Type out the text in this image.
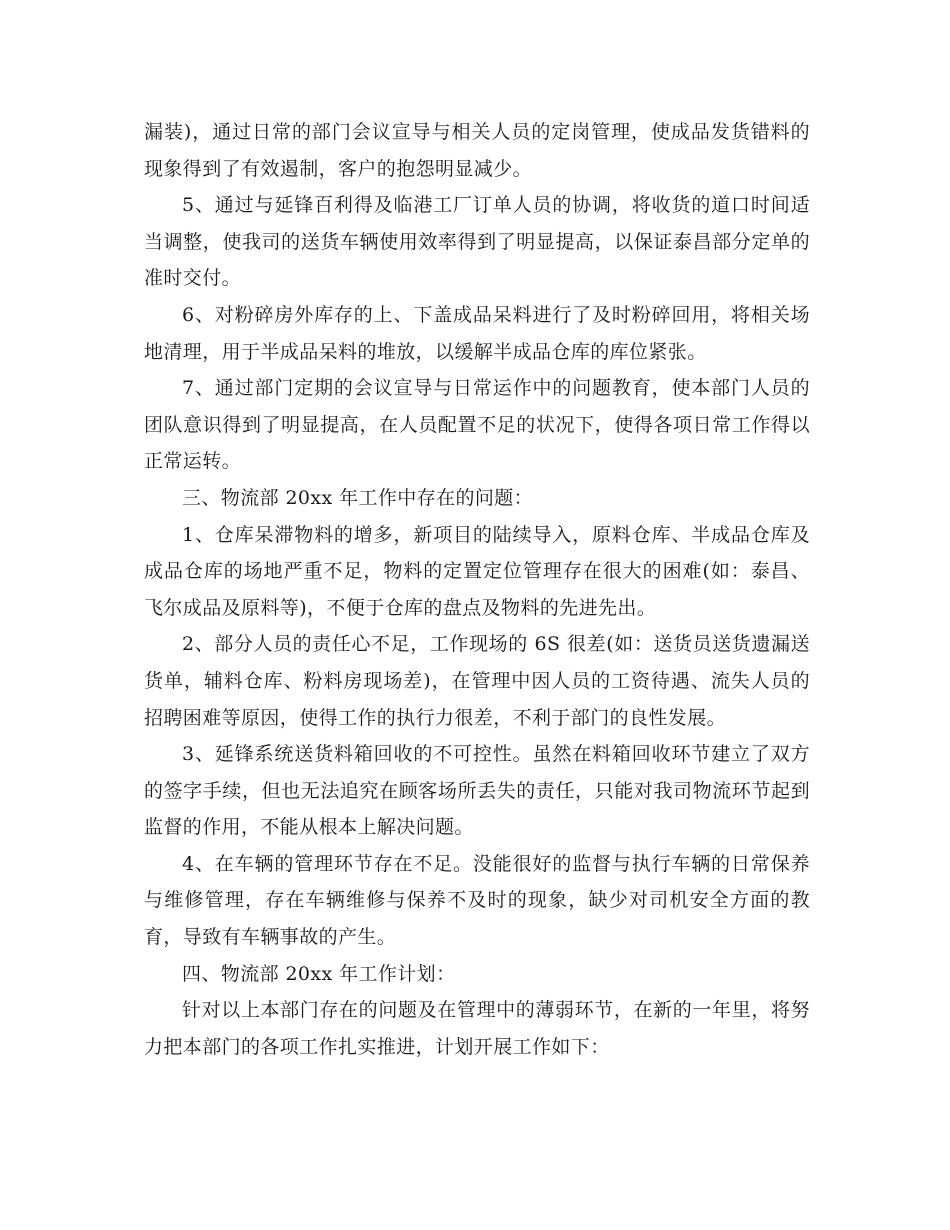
漏装)，通过日常的部门会议宣导与相关人员的定岗管理，使成品发货错料的现象得到了有效遏制，客户的抱怨明显减少。

5、通过与延锋百利得及临港工厂订单人员的协调，将收货的道口时间适当调整，使我司的送货车辆使用效率得到了明显提高，以保证泰昌部分定单的准时交付。

6、对粉碎房外库存的上、下盖成品呆料进行了及时粉碎回用，将相关场地清理，用于半成品呆料的堆放，以缓解半成品仓库的库位紧张。

7、通过部门定期的会议宣导与日常运作中的问题教育，使本部门人员的团队意识得到了明显提高，在人员配置不足的状况下，使得各项日常工作得以正常运转。

三、物流部 20xx 年工作中存在的问题：

1、仓库呆滞物料的增多，新项目的陆续导入，原料仓库、半成品仓库及成品仓库的场地严重不足，物料的定置定位管理存在很大的困难(如：泰昌、飞尔成品及原料等)，不便于仓库的盘点及物料的先进先出。

2、部分人员的责任心不足，工作现场的 6S 很差(如：送货员送货遗漏送货单，辅料仓库、粉料房现场差)，在管理中因人员的工资待遇、流失人员的招聘困难等原因，使得工作的执行力很差，不利于部门的良性发展。

3、延锋系统送货料箱回收的不可控性。虽然在料箱回收环节建立了双方的签字手续，但也无法追究在顾客场所丢失的责任，只能对我司物流环节起到监督的作用，不能从根本上解决问题。

4、在车辆的管理环节存在不足。没能很好的监督与执行车辆的日常保养与维修管理，存在车辆维修与保养不及时的现象，缺少对司机安全方面的教育，导致有车辆事故的产生。

四、物流部 20xx 年工作计划：

针对以上本部门存在的问题及在管理中的薄弱环节，在新的一年里，将努力把本部门的各项工作扎实推进，计划开展工作如下：
